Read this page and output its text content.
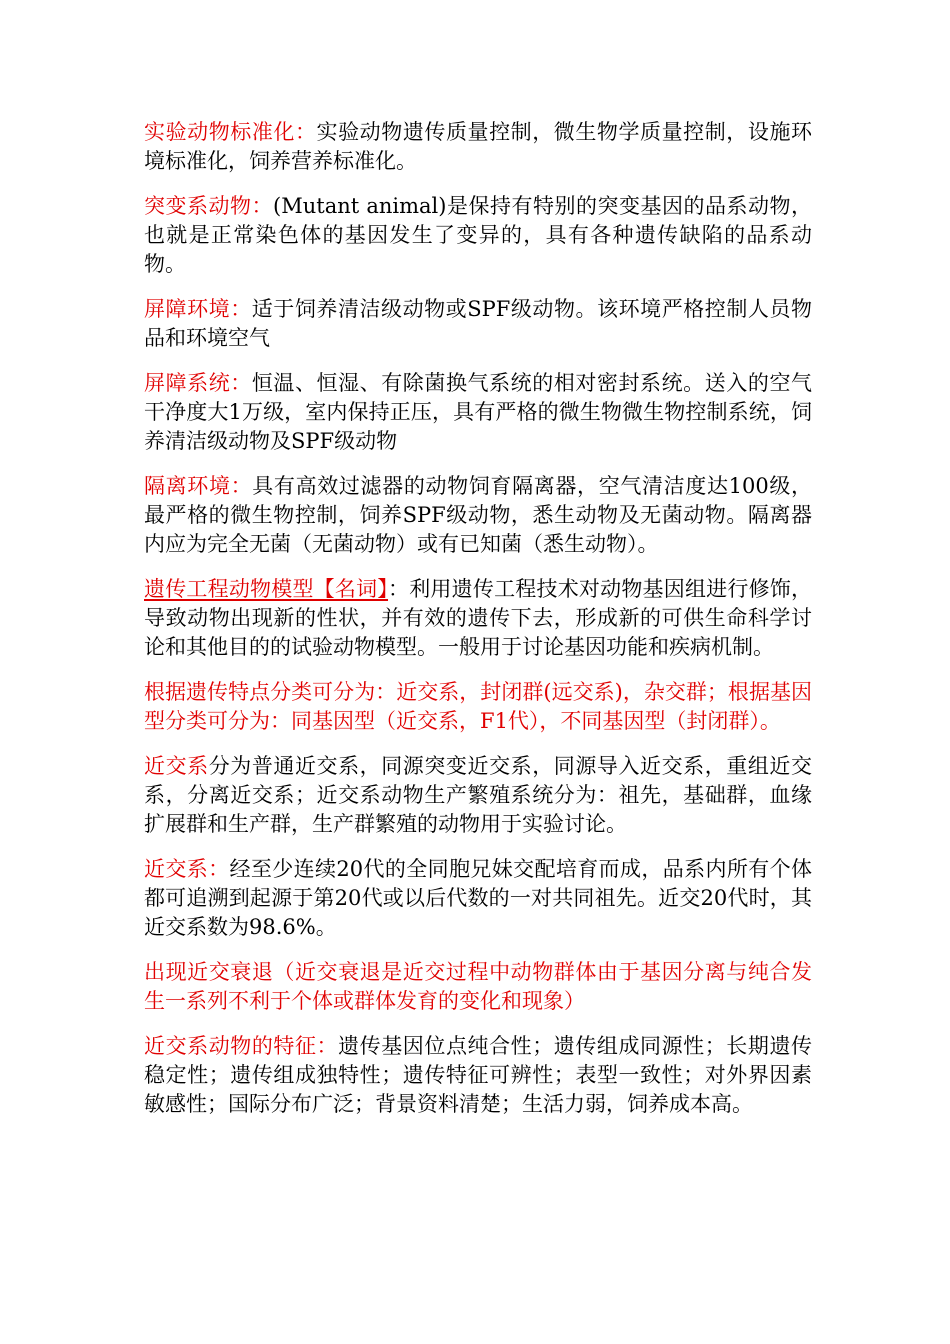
实验动物标准化：实验动物遗传质量控制，微生物学质量控制，设施环境标准化，饲养营养标准化。

突变系动物：(Mutant animal)是保持有特别的突变基因的品系动物，也就是正常染色体的基因发生了变异的，具有各种遗传缺陷的品系动物。

屏障环境：适于饲养清洁级动物或SPF级动物。该环境严格控制人员物品和环境空气

屏障系统：恒温、恒湿、有除菌换气系统的相对密封系统。送入的空气干净度大1万级，室内保持正压，具有严格的微生物微生物控制系统，饲养清洁级动物及SPF级动物

隔离环境：具有高效过滤器的动物饲育隔离器，空气清洁度达100级，最严格的微生物控制，饲养SPF级动物，悉生动物及无菌动物。隔离器内应为完全无菌（无菌动物）或有已知菌（悉生动物）。

遗传工程动物模型【名词】：利用遗传工程技术对动物基因组进行修饰，导致动物出现新的性状，并有效的遗传下去，形成新的可供生命科学讨论和其他目的的试验动物模型。一般用于讨论基因功能和疾病机制。

根据遗传特点分类可分为：近交系，封闭群(远交系)，杂交群；根据基因型分类可分为：同基因型（近交系，F1代），不同基因型（封闭群）。

近交系分为普通近交系，同源突变近交系，同源导入近交系，重组近交系，分离近交系；近交系动物生产繁殖系统分为：祖先，基础群，血缘扩展群和生产群，生产群繁殖的动物用于实验讨论。

近交系：经至少连续20代的全同胞兄妹交配培育而成，品系内所有个体都可追溯到起源于第20代或以后代数的一对共同祖先。近交20代时，其近交系数为98.6%。

出现近交衰退（近交衰退是近交过程中动物群体由于基因分离与纯合发生一系列不利于个体或群体发育的变化和现象）

近交系动物的特征：遗传基因位点纯合性；遗传组成同源性；长期遗传稳定性；遗传组成独特性；遗传特征可辨性；表型一致性；对外界因素敏感性；国际分布广泛；背景资料清楚；生活力弱，饲养成本高。
